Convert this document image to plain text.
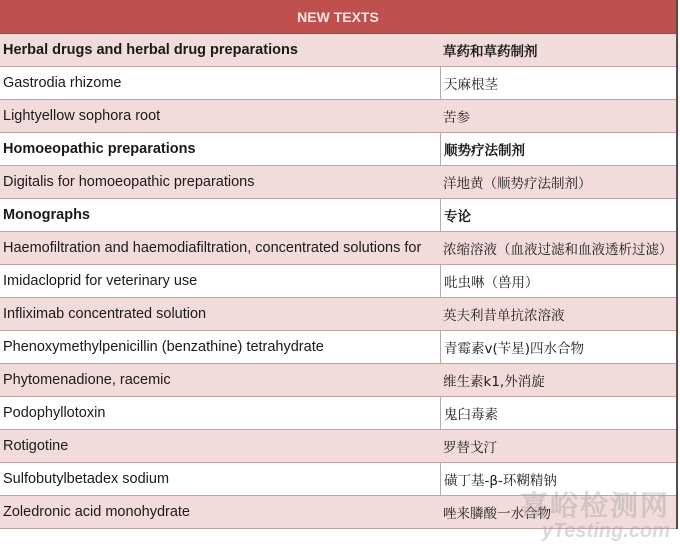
NEW TEXTS
Herbal drugs and herbal drug preparations	草药和草药制剂
Gastrodia rhizome	天麻根茎
Lightyellow sophora root	苦参
Homoeopathic preparations	顺势疗法制剂
Digitalis for homoeopathic preparations	洋地黄（顺势疗法制剂）
Monographs	专论
Haemofiltration and haemodiafiltration, concentrated solutions for	浓缩溶液（血液过滤和血液透析过滤）
Imidacloprid for veterinary use	吡虫啉（兽用）
Infliximab concentrated solution	英夫利昔单抗浓溶液
Phenoxymethylpenicillin (benzathine) tetrahydrate	青霉素v(苄星)四水合物
Phytomenadione, racemic	维生素k1,外消旋
Podophyllotoxin	鬼臼毒素
Rotigotine	罗替戈汀
Sulfobutylbetadex sodium	磺丁基-β-环糊精钠
Zoledronic acid monohydrate	唑来膦酸一水合物
嘉峪检测网
yTesting.com
